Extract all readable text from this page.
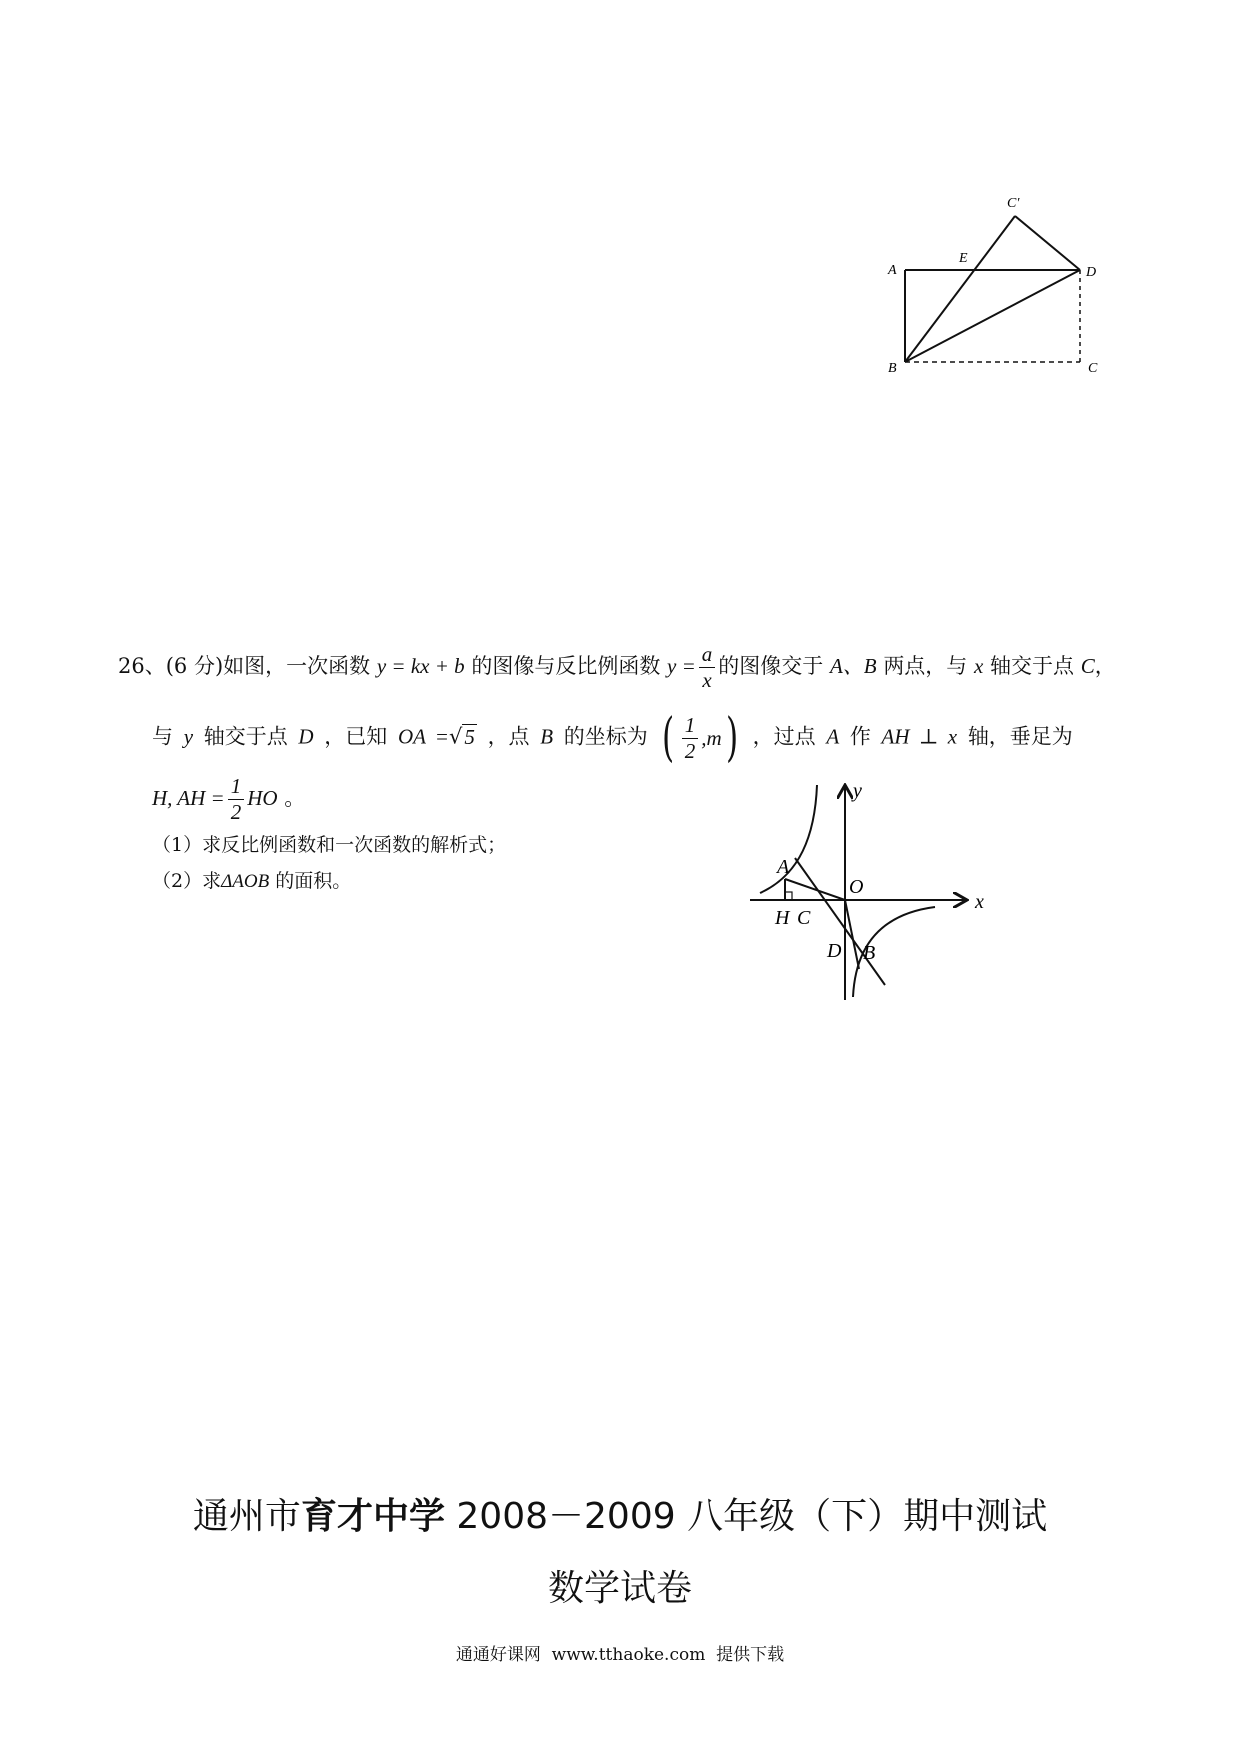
C′
A
E
D
B	C
26、(6 分)如图，一次函数 y = kx + b 的图像与反比例函数 $y = \frac{a}{x}$ 的图像交于 A、B 两点，与 x 轴交于点 C，
与 y 轴交于点 D ，已知 OA =√5 ，点 B 的坐标为 ( $\frac{1}{2} ,m$ ) ，过点 A 作 AH ⊥ x 轴，垂足为
H, AH = $\frac{1}{2}$ HO 。
（1）求反比例函数和一次函数的解析式；
（2）求ΔAOB 的面积。
y
x
A
O
H C
D B
通州市育才中学 2008－2009 八年级（下）期中测试
数学试卷
通通好课网  www.tthaoke.com  提供下载
